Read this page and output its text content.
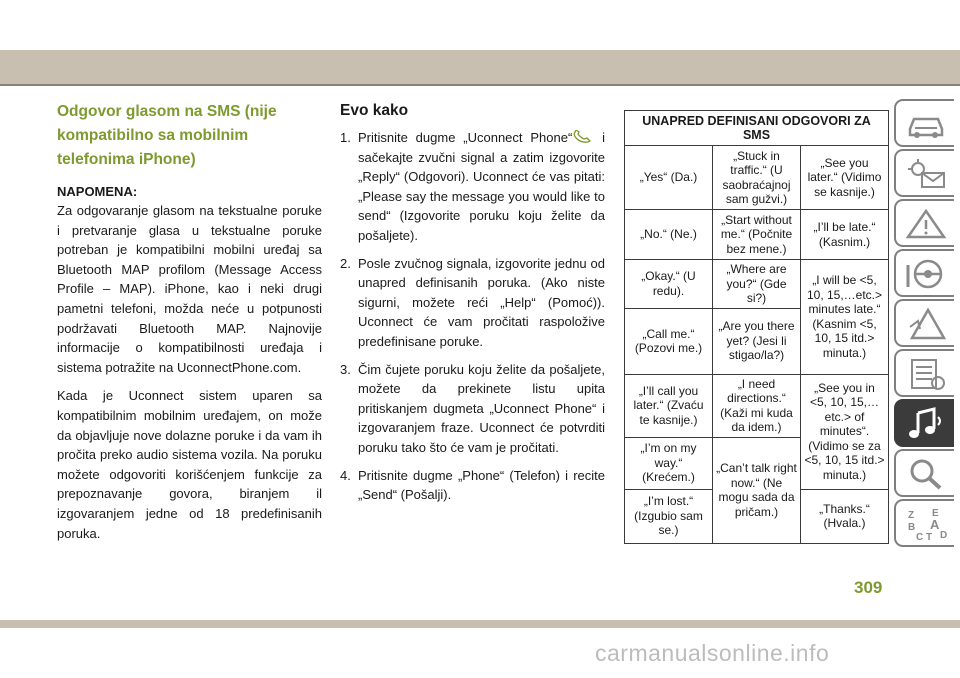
Odgovor glasom na SMS (nije kompatibilno sa mobilnim telefonima iPhone)
NAPOMENA:

Za odgovaranje glasom na tekstualne poruke i pretvaranje glasa u tekstualne poruke potreban je kompatibilni mobilni uređaj sa Bluetooth MAP profilom (Message Access Profile – MAP). iPhone, kao i neki drugi pametni telefoni, možda neće u potpunosti podržavati Bluetooth MAP. Najnovije informacije o kompatibilnosti uređaja i sistema potražite na UconnectPhone.com.

Kada je Uconnect sistem uparen sa kompatibilnim mobilnim uređajem, on može da objavljuje nove dolazne poruke i da vam ih pročita preko audio sistema vozila. Na poruku možete odgovoriti korišćenjem funkcije za prepoznavanje govora, biranjem il izgovaranjem jedne od 18 predefinisanih poruka.

Evo kako
1. Pritisnite dugme „Uconnect Phone“ i sačekajte zvučni signal a zatim izgovorite „Reply“ (Odgovori). Uconnect će vas pitati: „Please say the message you would like to send“ (Izgovorite poruku koju želite da pošaljete).
2. Posle zvučnog signala, izgovorite jednu od unapred definisanih poruka. (Ako niste sigurni, možete reći „Help“ (Pomoć)). Uconnect će vam pročitati raspoložive predefinisane poruke.
3. Čim čujete poruku koju želite da pošaljete, možete da prekinete listu upita pritiskanjem dugmeta „Uconnect Phone“ i izgovaranjem fraze. Uconnect će potvrditi poruku tako što će vam je pročitati.
4. Pritisnite dugme „Phone“ (Telefon) i recite „Send“ (Pošalji).
UNAPRED DEFINISANI ODGOVORI ZA SMS		
„Yes“ (Da.)	„Stuck in traffic.“ (U saobraćajnoj sam gužvi.)	„See you later.“ (Vidimo se kasnije.)
„No.“ (Ne.)	„Start without me.“ (Počnite bez mene.)	„I’ll be late.“ (Kasnim.)
„Okay.“ (U redu).	„Where are you?“ (Gde si?)	„I will be <5, 10, 15,…etc.> minutes late.“ (Kasnim <5, 10, 15 itd.> minuta.)
„Call me.“ (Pozovi me.)	„Are you there yet? (Jesi li stigao/la?)	
„I’ll call you later.“ (Zvaću te kasnije.)	„I need directions.“ (Kaži mi kuda da idem.)	„See you in <5, 10, 15,…etc.> of minutes“. (Vidimo se za <5, 10, 15 itd.> minuta.)
„I’m on my way.“ (Krećem.)	„Can’t talk right now.“ (Ne mogu sada da pričam.)	
„I’m lost.“ (Izgubio sam se.)		„Thanks.“ (Hvala.)
Z E
B A
C D
T
309
carmanualsonline.info
